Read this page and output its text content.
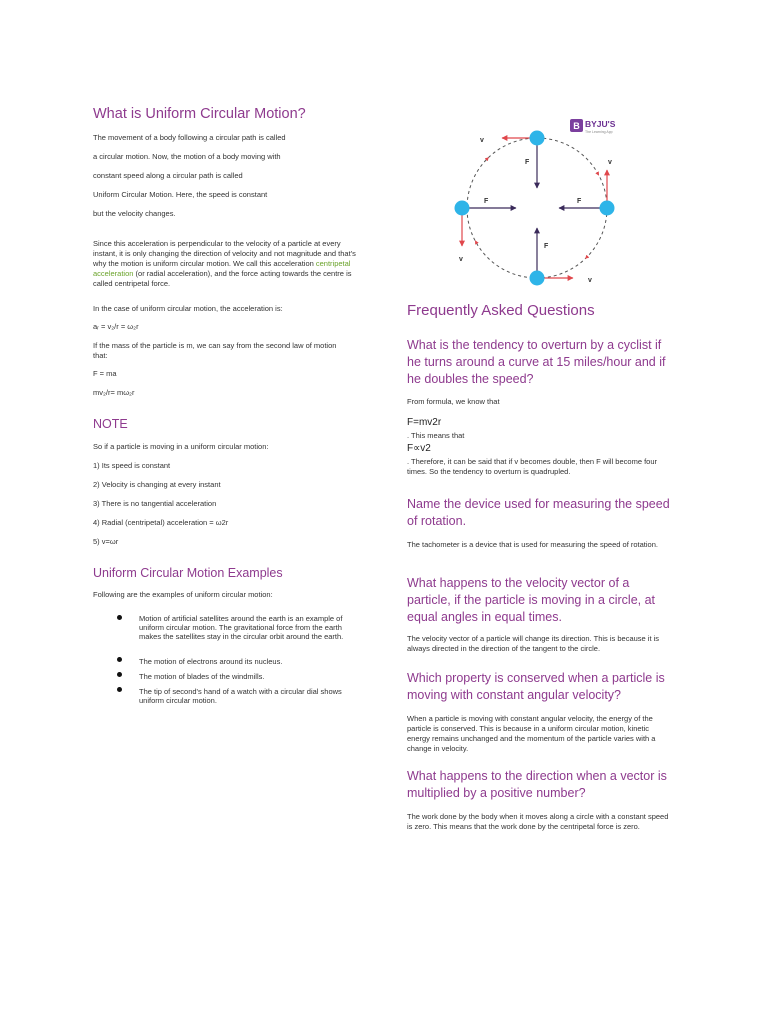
What is Uniform Circular Motion?
The movement of a body following a circular path is called
a circular motion. Now, the motion of a body moving with
constant speed along a circular path is called
Uniform Circular Motion. Here, the speed is constant
but the velocity changes.
Since this acceleration is perpendicular to the velocity of a particle at every instant, it is only changing the direction of velocity and not magnitude and that's why the motion is uniform circular motion. We call this acceleration centripetal acceleration (or radial acceleration), and the force acting towards the centre is called centripetal force.
In the case of uniform circular motion, the acceleration is:
aᵣ = v₂/r = ω₂r
If the mass of the particle is m, we can say from the second law of motion that:
F = ma
mv₂/r= mω₂r
NOTE
So if a particle is moving in a uniform circular motion:
1) Its speed is constant
2) Velocity is changing at every instant
3) There is no tangential acceleration
4) Radial (centripetal) acceleration = ω2r
5) v=ωr
Uniform Circular Motion Examples
Following are the examples of uniform circular motion:
Motion of artificial satellites around the earth is an example of uniform circular motion. The gravitational force from the earth makes the satellites stay in the circular orbit around the earth.
The motion of electrons around its nucleus.
The motion of blades of the windmills.
The tip of second's hand of a watch with a circular dial shows uniform circular motion.
B BYJU'S
The Learning App
v
F	v
F
v
F
v
F
Frequently Asked Questions
What is the tendency to overturn by a cyclist if he turns around a curve at 15 miles/hour and if he doubles the speed?
From formula, we know that
F=mv2r
. This means that
F∝v2
. Therefore, it can be said that if v becomes double, then F will become four times. So the tendency to overturn is quadrupled.
Name the device used for measuring the speed of rotation.
The tachometer is a device that is used for measuring the speed of rotation.
What happens to the velocity vector of a particle, if the particle is moving in a circle, at equal angles in equal times.
The velocity vector of a particle will change its direction. This is because it is always directed in the direction of the tangent to the circle.
Which property is conserved when a particle is moving with constant angular velocity?
When a particle is moving with constant angular velocity, the energy of the particle is conserved. This is because in a uniform circular motion, kinetic energy remains unchanged and the momentum of the particle varies with a change in velocity.
What happens to the direction when a vector is multiplied by a positive number?
The work done by the body when it moves along a circle with a constant speed is zero. This means that the work done by the centripetal force is zero.
